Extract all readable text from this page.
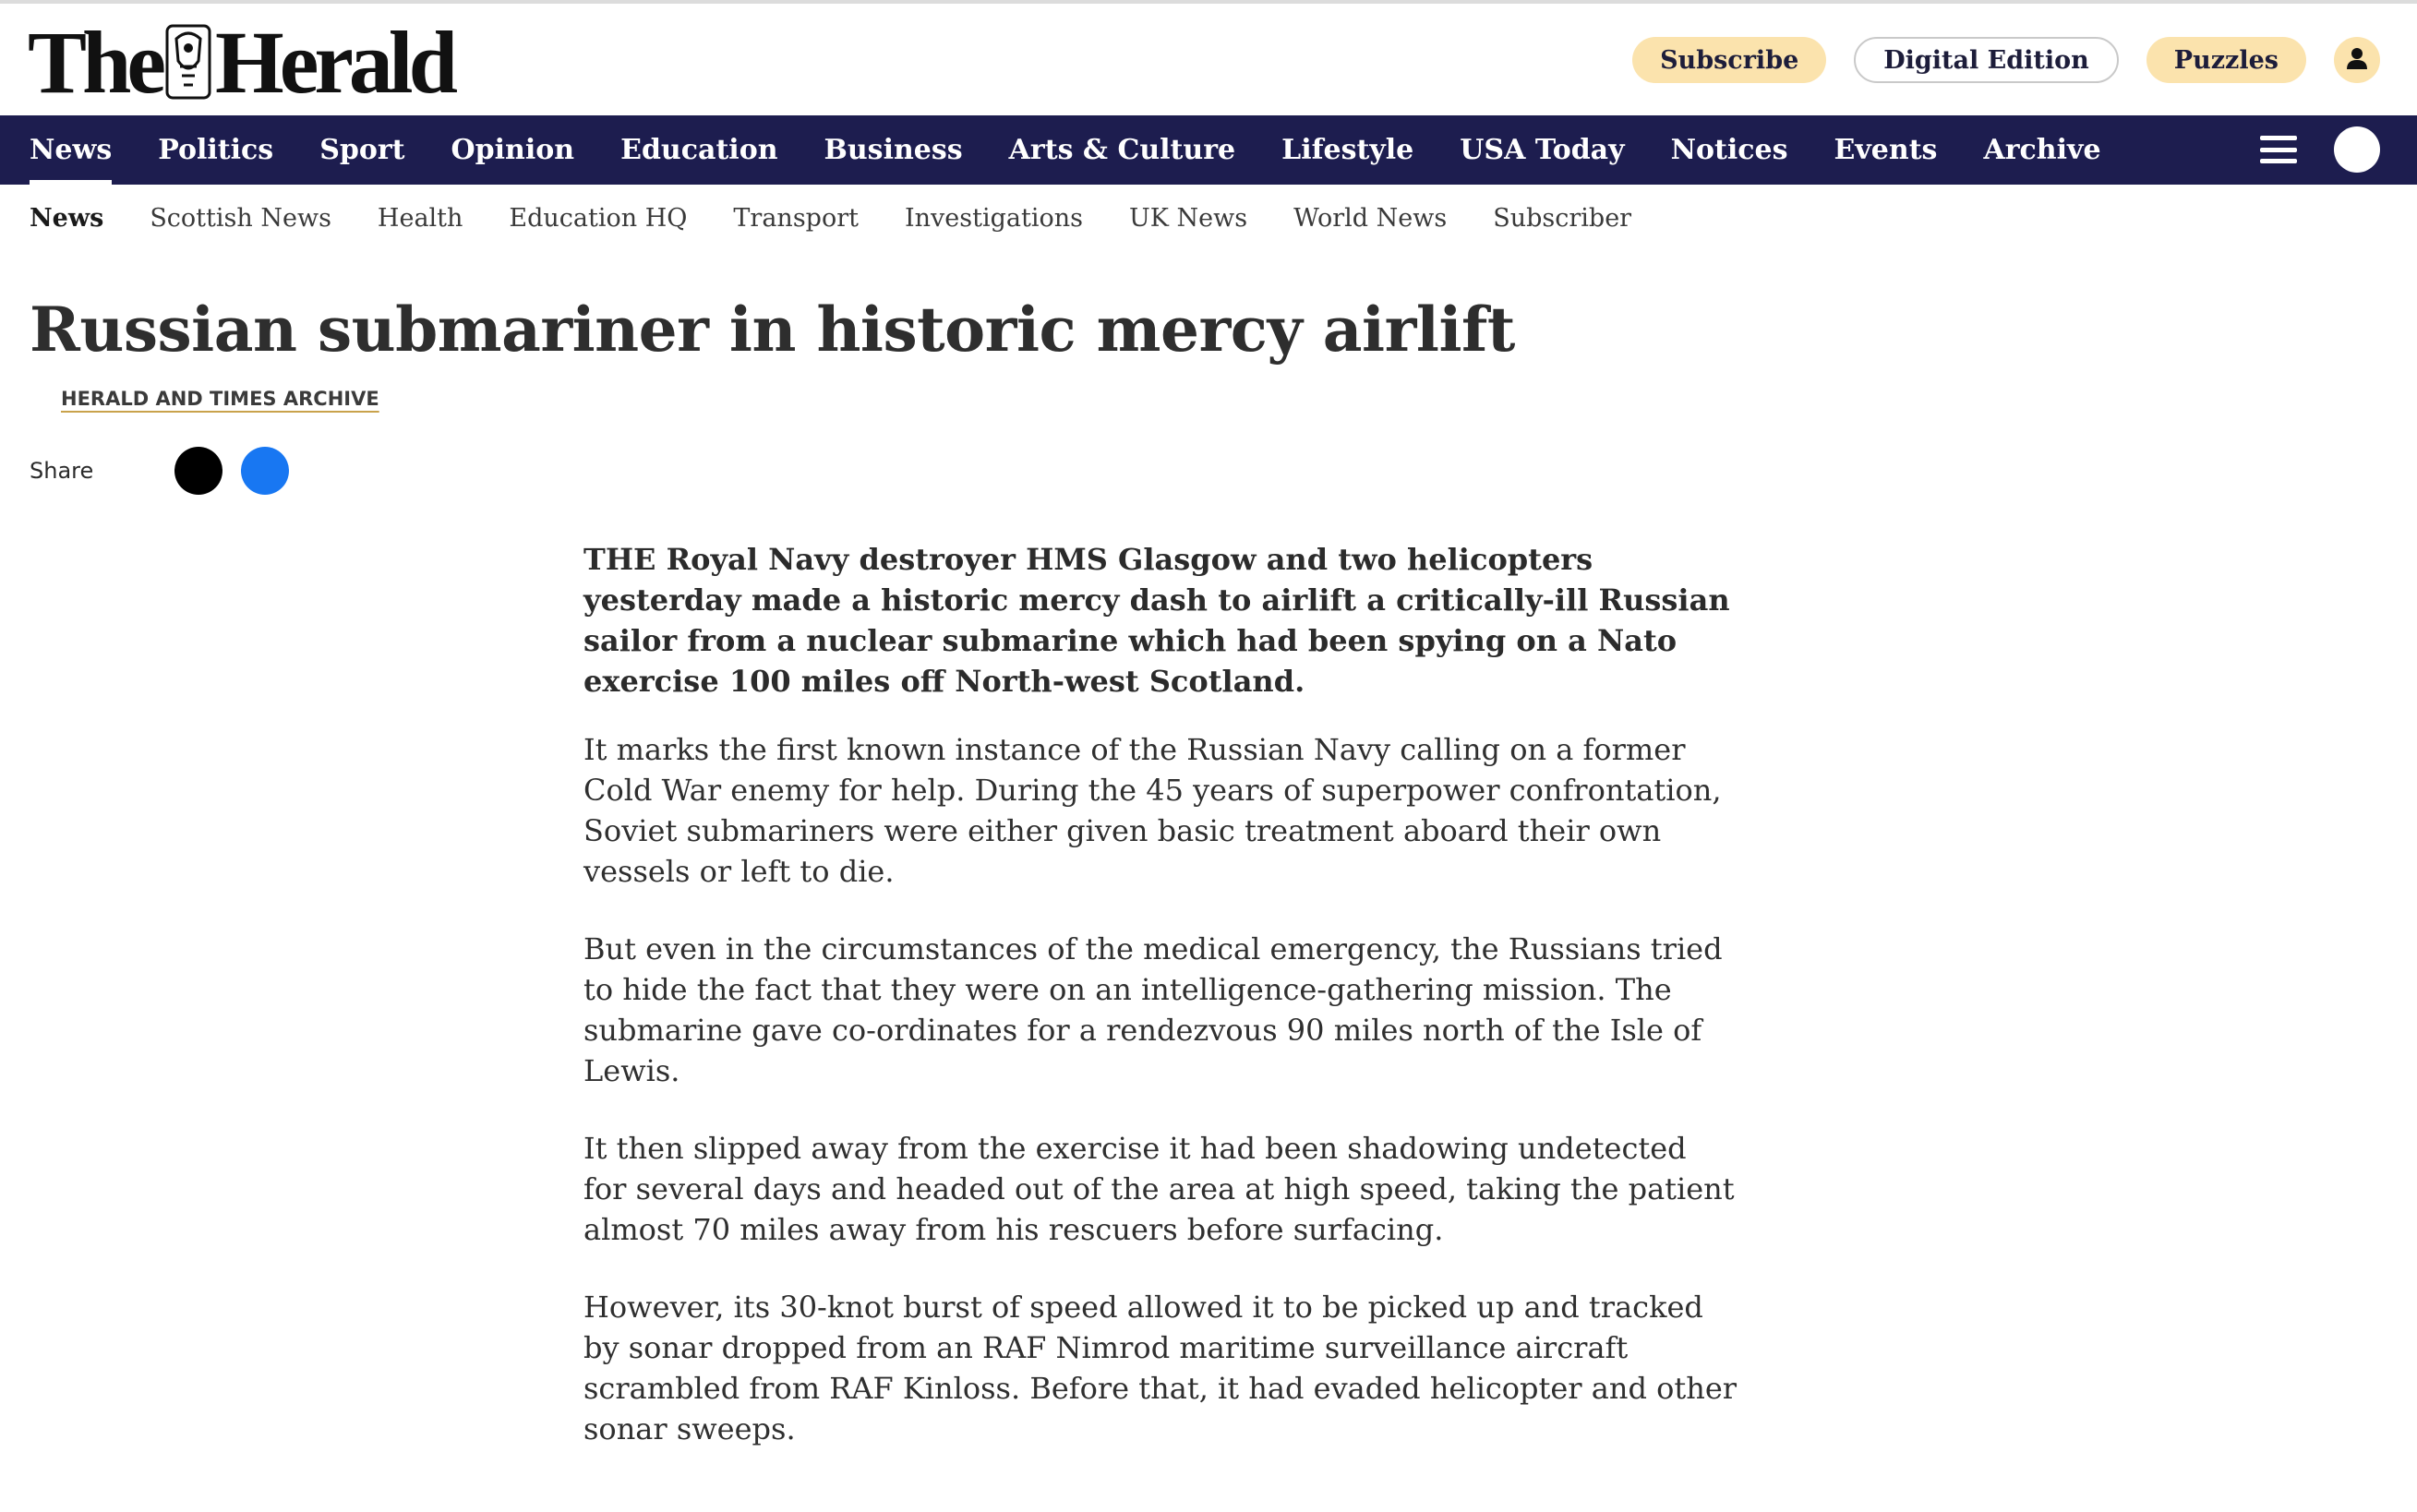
The Herald	Subscribe	Digital Edition	Puzzles
News Politics Sport Opinion Education Business Arts & Culture Lifestyle USA Today Notices Events Archive
News Scottish News Health Education HQ Transport Investigations UK News World News Subscriber
Russian submariner in historic mercy airlift
HERALD AND TIMES ARCHIVE
Share

THE Royal Navy destroyer HMS Glasgow and two helicopters yesterday made a historic mercy dash to airlift a critically-ill Russian sailor from a nuclear submarine which had been spying on a Nato exercise 100 miles off North-west Scotland.

It marks the first known instance of the Russian Navy calling on a former Cold War enemy for help. During the 45 years of superpower confrontation, Soviet submariners were either given basic treatment aboard their own vessels or left to die.

But even in the circumstances of the medical emergency, the Russians tried to hide the fact that they were on an intelligence-gathering mission. The submarine gave co-ordinates for a rendezvous 90 miles north of the Isle of Lewis.

It then slipped away from the exercise it had been shadowing undetected for several days and headed out of the area at high speed, taking the patient almost 70 miles away from his rescuers before surfacing.

However, its 30-knot burst of speed allowed it to be picked up and tracked by sonar dropped from an RAF Nimrod maritime surveillance aircraft scrambled from RAF Kinloss. Before that, it had evaded helicopter and other sonar sweeps.
